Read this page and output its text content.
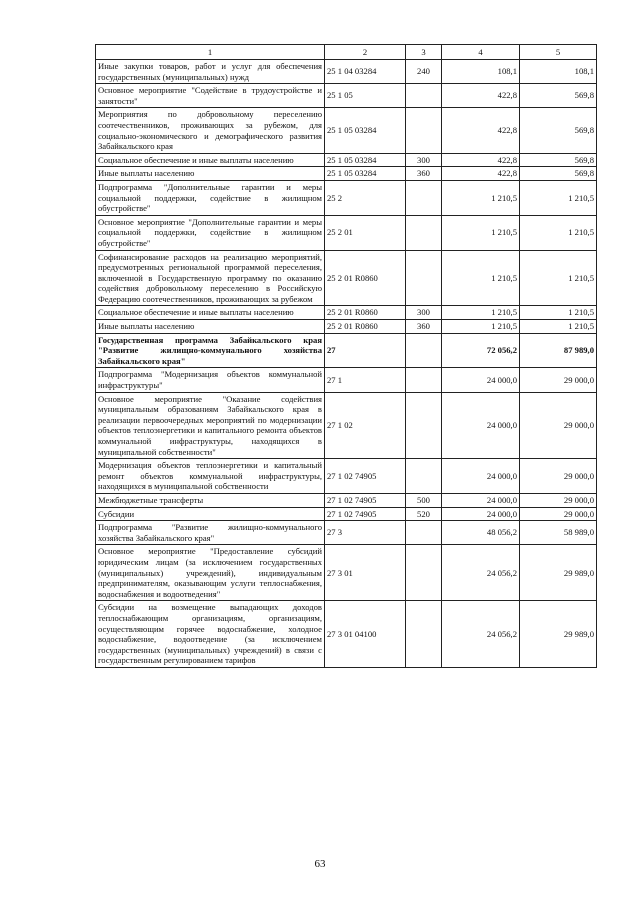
1	2	3	4	5
Иные закупки товаров, работ и услуг для обеспечения государственных (муниципальных) нужд	25 1 04 03284	240	108,1	108,1
Основное мероприятие "Содействие в трудоустройстве и занятости"	25 1 05		422,8	569,8
Мероприятия по добровольному переселению соотечественников, проживающих за рубежом, для социально-экономического и демографического развития Забайкальского края	25 1 05 03284		422,8	569,8
Социальное обеспечение и иные выплаты населению	25 1 05 03284	300	422,8	569,8
Иные выплаты населению	25 1 05 03284	360	422,8	569,8
Подпрограмма "Дополнительные гарантии и меры социальной поддержки, содействие в жилищном обустройстве"	25 2		1 210,5	1 210,5
Основное мероприятие "Дополнительные гарантии и меры социальной поддержки, содействие в жилищном обустройстве"	25 2 01		1 210,5	1 210,5
Софинансирование расходов на реализацию мероприятий, предусмотренных региональной программой переселения, включенной в Государственную программу по оказанию содействия добровольному переселению в Российскую Федерацию соотечественников, проживающих за рубежом	25 2 01 R0860		1 210,5	1 210,5
Социальное обеспечение и иные выплаты населению	25 2 01 R0860	300	1 210,5	1 210,5
Иные выплаты населению	25 2 01 R0860	360	1 210,5	1 210,5
Государственная программа Забайкальского края "Развитие жилищно-коммунального хозяйства Забайкальского края"	27		72 056,2	87 989,0
Подпрограмма "Модернизация объектов коммунальной инфраструктуры"	27 1		24 000,0	29 000,0
Основное мероприятие "Оказание содействия муниципальным образованиям Забайкальского края в реализации первоочередных мероприятий по модернизации объектов теплоэнергетики и капитального ремонта объектов коммунальной инфраструктуры, находящихся в муниципальной собственности"	27 1 02		24 000,0	29 000,0
Модернизация объектов теплоэнергетики и капитальный ремонт объектов коммунальной инфраструктуры, находящихся в муниципальной собственности	27 1 02 74905		24 000,0	29 000,0
Межбюджетные трансферты	27 1 02 74905	500	24 000,0	29 000,0
Субсидии	27 1 02 74905	520	24 000,0	29 000,0
Подпрограмма "Развитие жилищно-коммунального хозяйства Забайкальского края"	27 3		48 056,2	58 989,0
Основное мероприятие "Предоставление субсидий юридическим лицам (за исключением государственных (муниципальных) учреждений), индивидуальным предпринимателям, оказывающим услуги теплоснабжения, водоснабжения и водоотведения"	27 3 01		24 056,2	29 989,0
Субсидии на возмещение выпадающих доходов теплоснабжающим организациям, организациям, осуществляющим горячее водоснабжение, холодное водоснабжение, водоотведение (за исключением государственных (муниципальных) учреждений) в связи с государственным регулированием тарифов	27 3 01 04100		24 056,2	29 989,0
63
